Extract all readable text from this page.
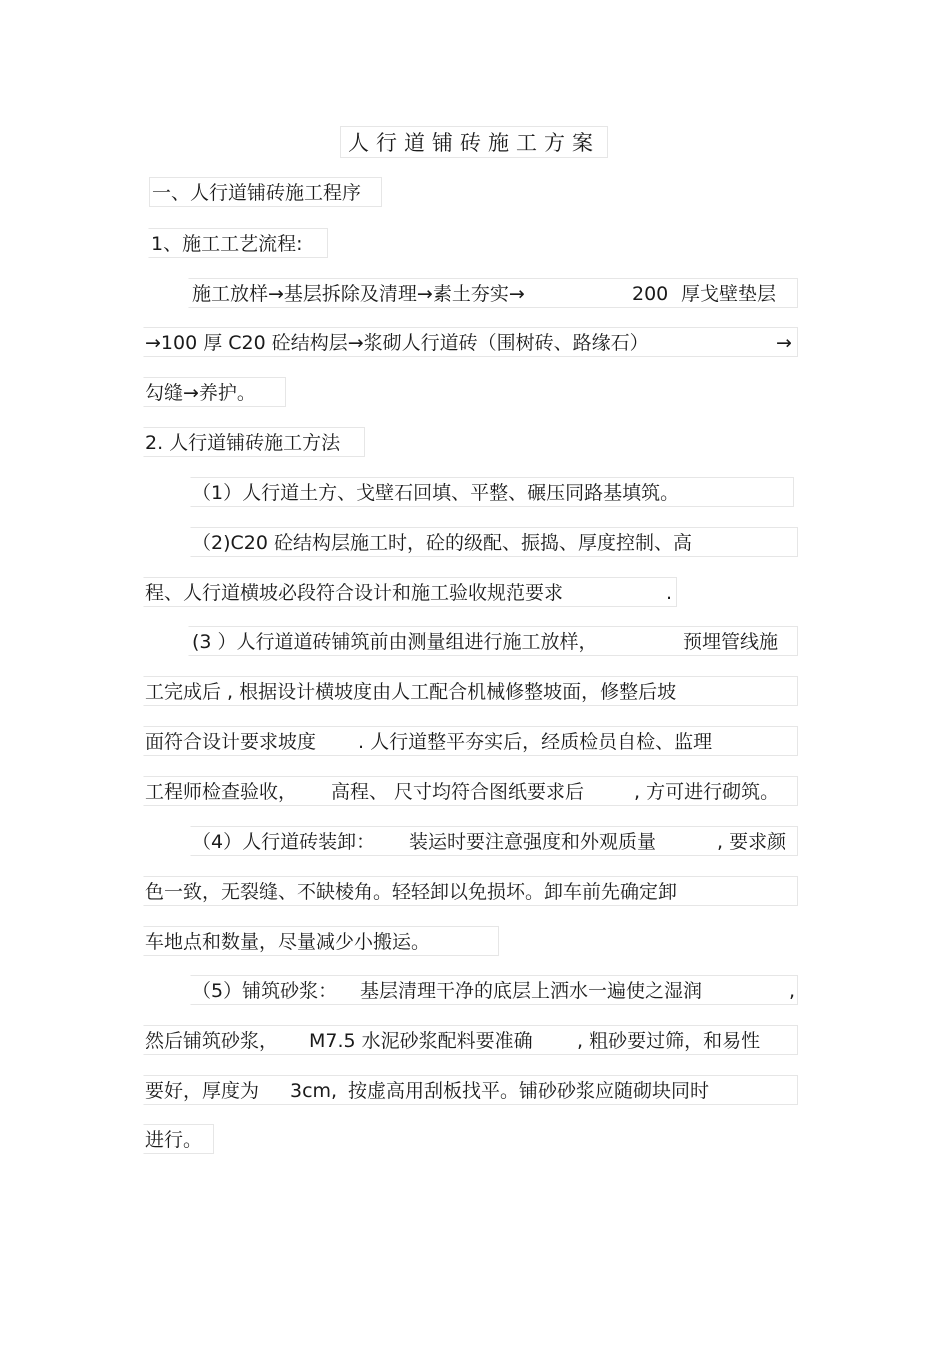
人行道铺砖施工方案
一、人行道铺砖施工程序
1、施工工艺流程:
施工放样→基层拆除及清理→素土夯实→	200 厚戈壁垫层
→100 厚 C20 砼结构层→浆砌人行道砖（围树砖、路缘石）	→
勾缝→养护。
2. 人行道铺砖施工方法
（1）人行道土方、戈壁石回填、平整、碾压同路基填筑。
（2)C20 砼结构层施工时，砼的级配、振捣、厚度控制、高
程、人行道横坡必段符合设计和施工验收规范要求	.
(3 ）人行道道砖铺筑前由测量组进行施工放样，	预埋管线施
工完成后 , 根据设计横坡度由人工配合机械修整坡面，修整后坡
面符合设计要求坡度 . 人行道整平夯实后，经质检员自检、监理
工程师检查验收， 高程、 尺寸均符合图纸要求后	, 方可进行砌筑。
（4）人行道砖装卸： 装运时要注意强度和外观质量	, 要求颜
色一致，无裂缝、不缺棱角。轻轻卸以免损坏。卸车前先确定卸
车地点和数量，尽量减少小搬运。
（5）铺筑砂浆： 基层清理干净的底层上洒水一遍使之湿润	,
然后铺筑砂浆， M7.5 水泥砂浆配料要准确 , 粗砂要过筛，和易性
要好，厚度为 3cm, 按虚高用刮板找平。铺砂砂浆应随砌块同时
进行。
